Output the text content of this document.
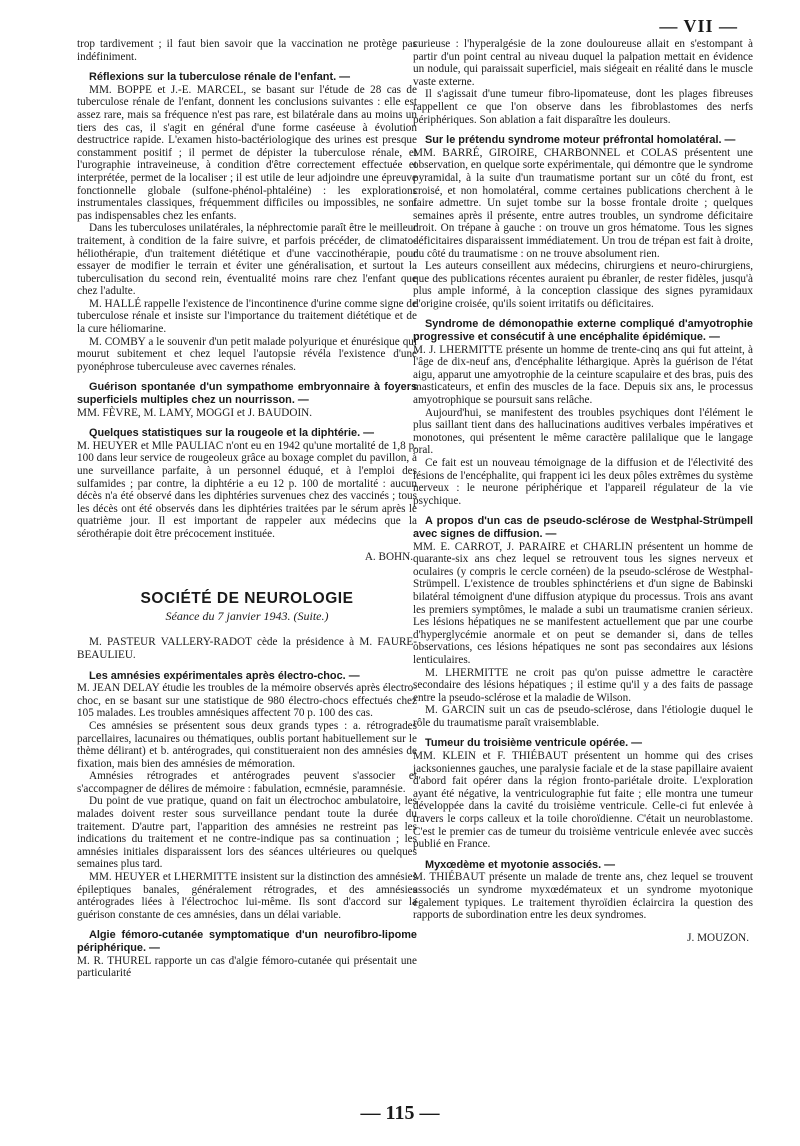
— VII —

trop tardivement ; il faut bien savoir que la vaccination ne protège pas indéfiniment.

Réflexions sur la tuberculose rénale de l'enfant. —

MM. BOPPE et J.-E. MARCEL, se basant sur l'étude de 28 cas de tuberculose rénale de l'enfant, donnent les conclusions suivantes : elle est assez rare, mais sa fréquence n'est pas rare, est bilatérale dans au moins un tiers des cas, il s'agit en général d'une forme caséeuse à évolution destructrice rapide. L'examen histo-bactériologique des urines est presque constamment positif ; il permet de dépister la tuberculose rénale, et l'urographie intraveineuse, à condition d'être correctement effectuée et interprétée, permet de la localiser ; il est utile de leur adjoindre une épreuve fonctionnelle globale (sulfone-phénol-phtaléine) : les explorations instrumentales classiques, fréquemment difficiles ou impossibles, ne sont pas indispensables chez les enfants.

Dans les tuberculoses unilatérales, la néphrectomie paraît être le meilleur traitement, à condition de la faire suivre, et parfois précéder, de climato-héliothérapie, d'un traitement diététique et d'une vaccinothérapie, pour essayer de modifier le terrain et éviter une généralisation, et surtout la tuberculisation du second rein, éventualité moins rare chez l'enfant que chez l'adulte.

M. HALLÉ rappelle l'existence de l'incontinence d'urine comme signe de tuberculose rénale et insiste sur l'importance du traitement diététique et de la cure héliomarine.

M. COMBY a le souvenir d'un petit malade polyurique et énurésique qui mourut subitement et chez lequel l'autopsie révéla l'existence d'une pyonéphrose tuberculeuse avec cavernes rénales.

Guérison spontanée d'un sympathome embryonnaire à foyers superficiels multiples chez un nourrisson. —

MM. FÈVRE, M. LAMY, MOGGI et J. BAUDOIN.

Quelques statistiques sur la rougeole et la diphtérie. —

M. HEUYER et Mlle PAULIAC n'ont eu en 1942 qu'une mortalité de 1,8 p. 100 dans leur service de rougeoleux grâce au boxage complet du pavillon, à une surveillance parfaite, à un personnel éduqué, et à l'emploi des sulfamides ; par contre, la diphtérie a eu 12 p. 100 de mortalité : aucun décès n'a été observé dans les diphtéries survenues chez des vaccinés ; tous les décès ont été observés dans les diphtéries traitées par le sérum après le quatrième jour. Il est important de rappeler aux médecins que la sérothérapie doit être précocement instituée.

A. BOHN.

SOCIÉTÉ DE NEUROLOGIE
Séance du 7 janvier 1943. (Suite.)

M. PASTEUR VALLERY-RADOT cède la présidence à M. FAURE-BEAULIEU.

Les amnésies expérimentales après électro-choc. —

M. JEAN DELAY étudie les troubles de la mémoire observés après électro-choc, en se basant sur une statistique de 980 électro-chocs effectués chez 105 malades. Les troubles amnésiques affectent 70 p. 100 des cas.

Ces amnésies se présentent sous deux grands types : a. rétrogrades parcellaires, lacunaires ou thématiques, oublis portant habituellement sur le thème délirant) et b. antérogrades, qui constitueraient non des amnésies de fixation, mais bien des amnésies de mémoration.

Amnésies rétrogrades et antérogrades peuvent s'associer et s'accompagner de délires de mémoire : fabulation, ecmnésie, paramnésie.

Du point de vue pratique, quand on fait un électrochoc ambulatoire, les malades doivent rester sous surveillance pendant toute la durée du traitement. D'autre part, l'apparition des amnésies ne restreint pas les indications du traitement et ne contre-indique pas sa continuation ; les amnésies initiales disparaissent lors des séances ultérieures ou quelques semaines plus tard.

MM. HEUYER et LHERMITTE insistent sur la distinction des amnésies épileptiques banales, généralement rétrogrades, et des amnésies antérogrades liées à l'électrochoc lui-même. Ils sont d'accord sur la guérison constante de ces amnésies, dans un délai variable.

Algie fémoro-cutanée symptomatique d'un neurofibro-lipome périphérique. —

M. R. THUREL rapporte un cas d'algie fémoro-cutanée qui présentait une particularité

curieuse : l'hyperalgésie de la zone douloureuse allait en s'estompant à partir d'un point central au niveau duquel la palpation mettait en évidence un nodule, qui paraissait superficiel, mais siégeait en réalité dans le muscle vaste externe.

Il s'agissait d'une tumeur fibro-lipomateuse, dont les plages fibreuses rappellent ce que l'on observe dans les fibroblastomes des nerfs périphériques. Son ablation a fait disparaître les douleurs.

Sur le prétendu syndrome moteur préfrontal homolatéral. —

MM. BARRÉ, GIROIRE, CHARBONNEL et COLAS présentent une observation, en quelque sorte expérimentale, qui démontre que le syndrome pyramidal, à la suite d'un traumatisme portant sur un côté du front, est croisé, et non homolatéral, comme certaines publications cherchent à le faire admettre. Un sujet tombe sur la bosse frontale droite ; quelques semaines après il présente, entre autres troubles, un syndrome déficitaire droit. On trépane à gauche : on trouve un gros hématome. Tous les signes déficitaires disparaissent immédiatement. Un trou de trépan est fait à droite, du côté du traumatisme : on ne trouve absolument rien.

Les auteurs conseillent aux médecins, chirurgiens et neuro-chirurgiens, que des publications récentes auraient pu ébranler, de rester fidèles, jusqu'à plus ample informé, à la conception classique des signes pyramidaux d'origine croisée, qu'ils soient irritatifs ou déficitaires.

Syndrome de démonopathie externe compliqué d'amyotrophie progressive et consécutif à une encéphalite épidémique. —

M. J. LHERMITTE présente un homme de trente-cinq ans qui fut atteint, à l'âge de dix-neuf ans, d'encéphalite léthargique. Après la guérison de l'état aigu, apparut une amyotrophie de la ceinture scapulaire et des bras, puis des masticateurs, et enfin des muscles de la face. Depuis six ans, le processus amyotrophique se poursuit sans relâche.

Aujourd'hui, se manifestent des troubles psychiques dont l'élément le plus saillant tient dans des hallucinations auditives verbales impératives et monotones, qui présentent le même caractère palilalique que le langage oral.

Ce fait est un nouveau témoignage de la diffusion et de l'électivité des lésions de l'encéphalite, qui frappent ici les deux pôles extrêmes du système nerveux : le neurone périphérique et l'appareil régulateur de la vie psychique.

A propos d'un cas de pseudo-sclérose de Westphal-Strümpell avec signes de diffusion. —

MM. E. CARROT, J. PARAIRE et CHARLIN présentent un homme de quarante-six ans chez lequel se retrouvent tous les signes nerveux et oculaires (y compris le cercle cornéen) de la pseudo-sclérose de Westphal-Strümpell. L'existence de troubles sphinctériens et d'un signe de Babinski bilatéral témoignent d'une diffusion atypique du processus. Trois ans avant les premiers symptômes, le malade a subi un traumatisme cranien sérieux. Les lésions hépatiques ne se manifestent actuellement que par une courbe d'hyperglycémie anormale et on peut se demander si, dans de telles observations, ces lésions hépatiques ne sont pas secondaires aux lésions lenticulaires.

M. LHERMITTE ne croit pas qu'on puisse admettre le caractère secondaire des lésions hépatiques ; il estime qu'il y a des faits de passage entre la pseudo-sclérose et la maladie de Wilson.

M. GARCIN suit un cas de pseudo-sclérose, dans l'étiologie duquel le rôle du traumatisme paraît vraisemblable.

Tumeur du troisième ventricule opérée. —

MM. KLEIN et F. THIÉBAUT présentent un homme qui des crises jacksoniennes gauches, une paralysie faciale et de la stase papillaire avaient d'abord fait opérer dans la région fronto-pariétale droite. L'exploration ayant été négative, la ventriculographie fut faite ; elle montra une tumeur développée dans la cavité du troisième ventricule. Celle-ci fut enlevée à travers le corps calleux et la toile choroïdienne. C'était un neuroblastome. C'est le premier cas de tumeur du troisième ventricule enlevée avec succès publié en France.

Myxœdème et myotonie associés. —

M. THIÉBAUT présente un malade de trente ans, chez lequel se trouvent associés un syndrome myxœdémateux et un syndrome myotonique également typiques. Le traitement thyroïdien éclaircira la question des rapports de subordination entre les deux syndromes.

J. MOUZON.

— 115 —
